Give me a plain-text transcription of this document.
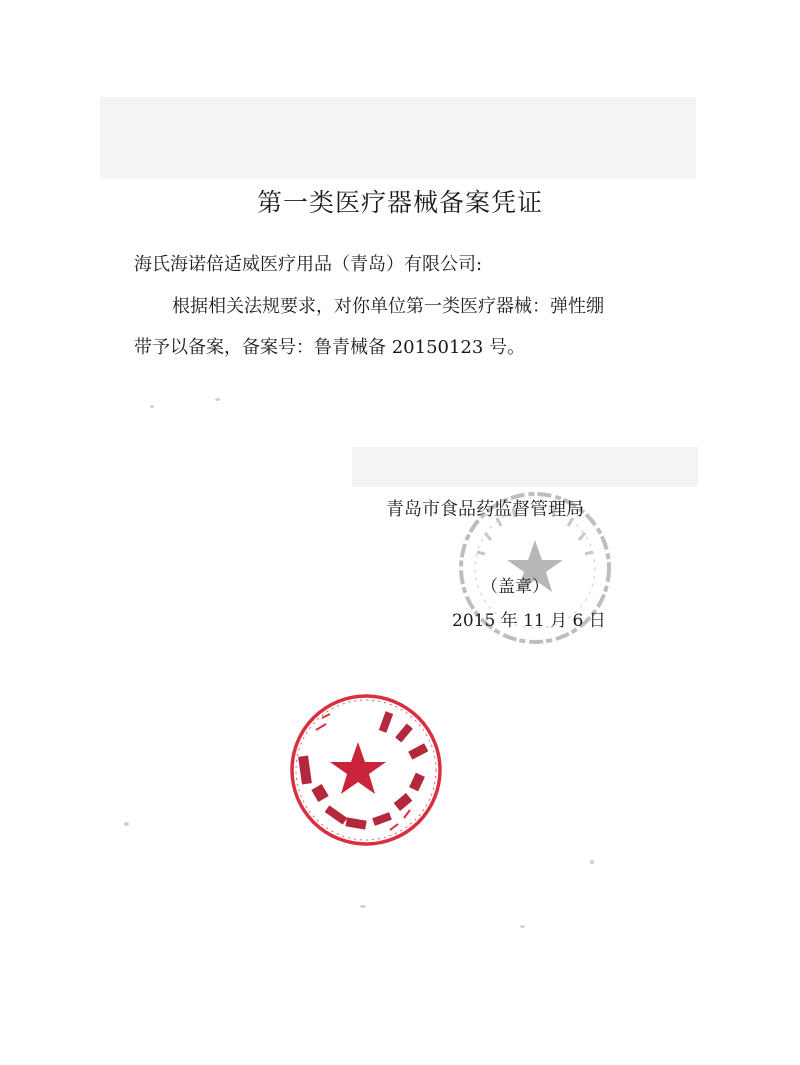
第一类医疗器械备案凭证
海氏海诺倍适威医疗用品（青岛）有限公司:
根据相关法规要求，对你单位第一类医疗器械：弹性绷
带予以备案，备案号：鲁青械备 20150123 号。
青岛市食品药监督管理局
（盖章）
2015 年 11 月 6 日
